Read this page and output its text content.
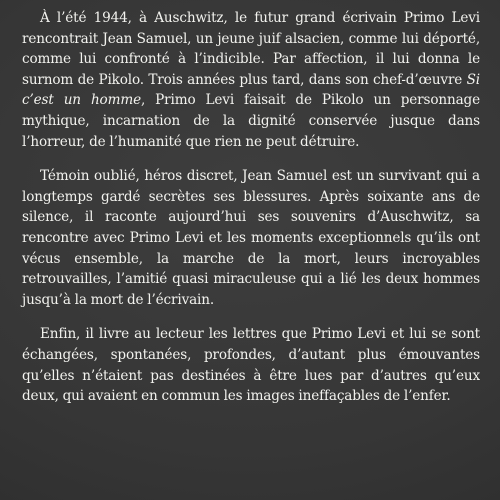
À l’été 1944, à Auschwitz, le futur grand écrivain Primo Levi rencontrait Jean Samuel, un jeune juif alsacien, comme lui déporté, comme lui confronté à l’indicible. Par affection, il lui donna le surnom de Pikolo. Trois années plus tard, dans son chef-d’œuvre Si c’est un homme, Primo Levi faisait de Pikolo un personnage mythique, incarnation de la dignité conservée jusque dans l’horreur, de l’humanité que rien ne peut détruire.

Témoin oublié, héros discret, Jean Samuel est un survivant qui a longtemps gardé secrètes ses blessures. Après soixante ans de silence, il raconte aujourd’hui ses souvenirs d’Auschwitz, sa rencontre avec Primo Levi et les moments exceptionnels qu’ils ont vécus ensemble, la marche de la mort, leurs incroyables retrouvailles, l’amitié quasi miraculeuse qui a lié les deux hommes jusqu’à la mort de l’écrivain.

Enfin, il livre au lecteur les lettres que Primo Levi et lui se sont échangées, spontanées, profondes, d’autant plus émouvantes qu’elles n’étaient pas destinées à être lues par d’autres qu’eux deux, qui avaient en commun les images ineffaçables de l’enfer.
